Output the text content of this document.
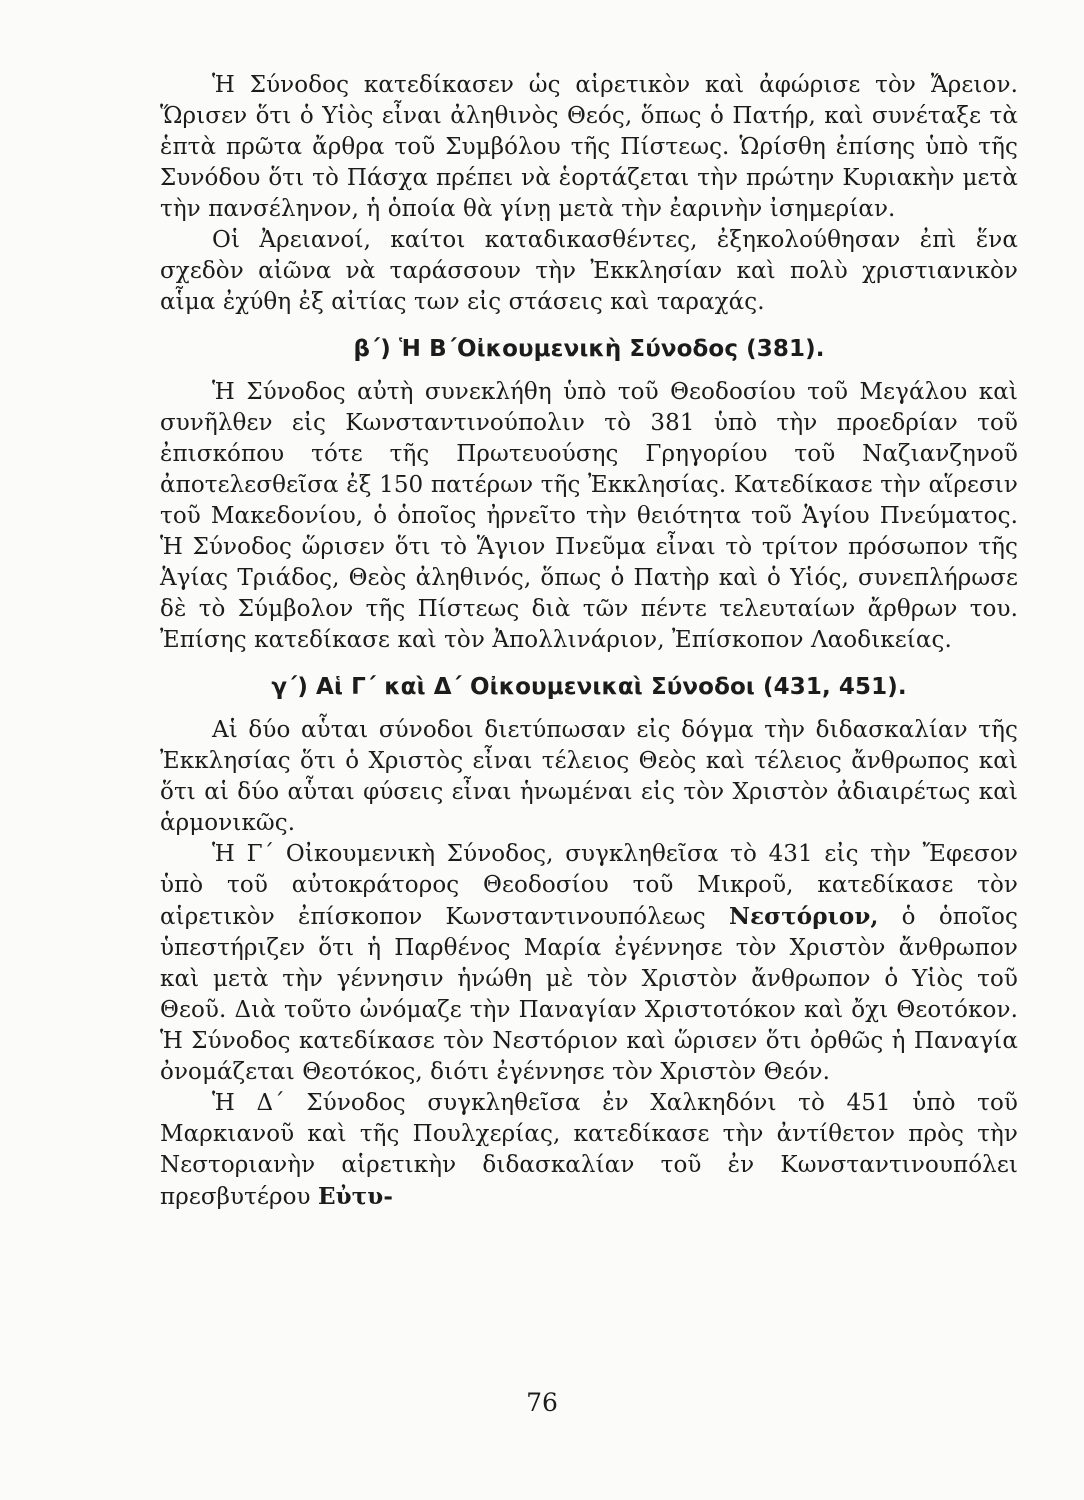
Ἡ Σύνοδος κατεδίκασεν ὡς αἱρετικὸν καὶ ἀφώρισε τὸν Ἄρειον. Ὥρισεν ὅτι ὁ Υἱὸς εἶναι ἀληθινὸς Θεός, ὅπως ὁ Πατήρ, καὶ συνέταξε τὰ ἑπτὰ πρῶτα ἄρθρα τοῦ Συμβόλου τῆς Πίστεως. Ὡρίσθη ἐπίσης ὑπὸ τῆς Συνόδου ὅτι τὸ Πάσχα πρέπει νὰ ἑορτάζεται τὴν πρώτην Κυριακὴν μετὰ τὴν πανσέληνον, ἡ ὁποία θὰ γίνῃ μετὰ τὴν ἐαρινὴν ἰσημερίαν.

Οἱ Ἀρειανοί, καίτοι καταδικασθέντες, ἐξηκολούθησαν ἐπὶ ἕνα σχεδὸν αἰῶνα νὰ ταράσσουν τὴν Ἐκκλησίαν καὶ πολὺ χριστιανικὸν αἷμα ἐχύθη ἐξ αἰτίας των εἰς στάσεις καὶ ταραχάς.

β΄) Ἡ Β΄Οἰκουμενικὴ Σύνοδος (381).

Ἡ Σύνοδος αὐτὴ συνεκλήθη ὑπὸ τοῦ Θεοδοσίου τοῦ Μεγάλου καὶ συνῆλθεν εἰς Κωνσταντινούπολιν τὸ 381 ὑπὸ τὴν προεδρίαν τοῦ ἐπισκόπου τότε τῆς Πρωτευούσης Γρηγορίου τοῦ Ναζιανζηνοῦ ἀποτελεσθεῖσα ἐξ 150 πατέρων τῆς Ἐκκλησίας. Κατεδίκασε τὴν αἵρεσιν τοῦ Μακεδονίου, ὁ ὁποῖος ἠρνεῖτο τὴν θειότητα τοῦ Ἁγίου Πνεύματος. Ἡ Σύνοδος ὥρισεν ὅτι τὸ Ἅγιον Πνεῦμα εἶναι τὸ τρίτον πρόσωπον τῆς Ἁγίας Τριάδος, Θεὸς ἀληθινός, ὅπως ὁ Πατὴρ καὶ ὁ Υἱός, συνεπλήρωσε δὲ τὸ Σύμβολον τῆς Πίστεως διὰ τῶν πέντε τελευταίων ἄρθρων του. Ἐπίσης κατεδίκασε καὶ τὸν Ἀπολλινάριον, Ἐπίσκοπον Λαοδικείας.

γ΄) Αἱ Γ΄ καὶ Δ΄ Οἰκουμενικαὶ Σύνοδοι (431, 451).

Αἱ δύο αὗται σύνοδοι διετύπωσαν εἰς δόγμα τὴν διδασκαλίαν τῆς Ἐκκλησίας ὅτι ὁ Χριστὸς εἶναι τέλειος Θεὸς καὶ τέλειος ἄνθρωπος καὶ ὅτι αἱ δύο αὗται φύσεις εἶναι ἡνωμέναι εἰς τὸν Χριστὸν ἀδιαιρέτως καὶ ἁρμονικῶς.

Ἡ Γ΄ Οἰκουμενικὴ Σύνοδος, συγκληθεῖσα τὸ 431 εἰς τὴν Ἔφεσον ὑπὸ τοῦ αὐτοκράτορος Θεοδοσίου τοῦ Μικροῦ, κατεδίκασε τὸν αἱρετικὸν ἐπίσκοπον Κωνσταντινουπόλεως Νεστόριον, ὁ ὁποῖος ὑπεστήριζεν ὅτι ἡ Παρθένος Μαρία ἐγέννησε τὸν Χριστὸν ἄνθρωπον καὶ μετὰ τὴν γέννησιν ἡνώθη μὲ τὸν Χριστὸν ἄνθρωπον ὁ Υἱὸς τοῦ Θεοῦ. Διὰ τοῦτο ὠνόμαζε τὴν Παναγίαν Χριστοτόκον καὶ ὄχι Θεοτόκον. Ἡ Σύνοδος κατεδίκασε τὸν Νεστόριον καὶ ὥρισεν ὅτι ὀρθῶς ἡ Παναγία ὀνομάζεται Θεοτόκος, διότι ἐγέννησε τὸν Χριστὸν Θεόν.

Ἡ Δ΄ Σύνοδος συγκληθεῖσα ἐν Χαλκηδόνι τὸ 451 ὑπὸ τοῦ Μαρκιανοῦ καὶ τῆς Πουλχερίας, κατεδίκασε τὴν ἀντίθετον πρὸς τὴν Νεστοριανὴν αἱρετικὴν διδασκαλίαν τοῦ ἐν Κωνσταντινουπόλει πρεσβυτέρου Εὐτυ-

76
